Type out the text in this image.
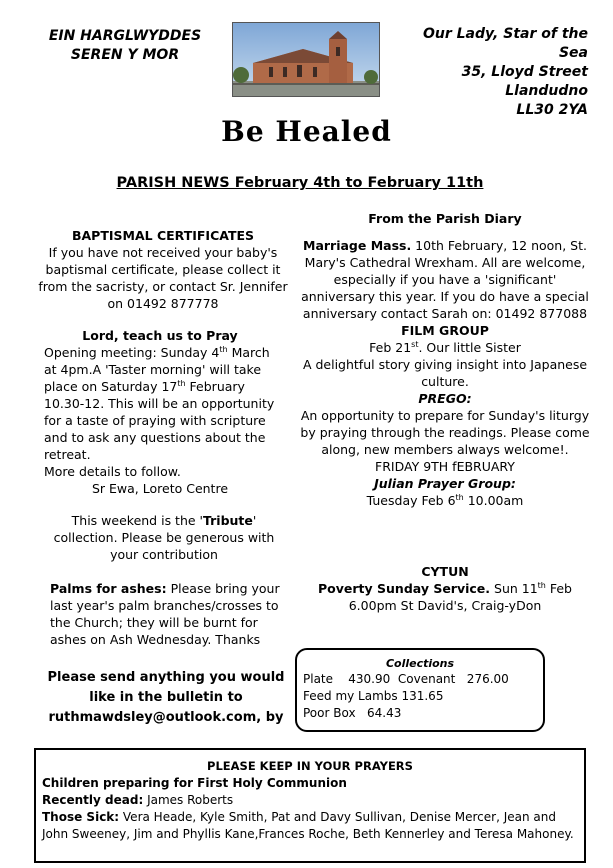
EIN HARGLWYDDES
SEREN Y MOR
Our Lady, Star of the Sea
35, Lloyd Street
Llandudno
LL30 2YA
Be Healed
PARISH NEWS February 4th to February 11th
BAPTISMAL CERTIFICATES
If you have not received your baby's baptismal certificate, please collect it from the sacristy, or contact Sr. Jennifer on 01492 877778
Lord, teach us to Pray
Opening meeting: Sunday 4th March at 4pm.A 'Taster morning' will take place on Saturday 17th February 10.30-12. This will be an opportunity for a taste of praying with scripture and to ask any questions about the retreat.
More details to follow.
Sr Ewa, Loreto Centre
This weekend is the 'Tribute' collection. Please be generous with your contribution
Palms for ashes: Please bring your last year's palm branches/crosses to the Church; they will be burnt for ashes on Ash Wednesday. Thanks
Please send anything you would like in the bulletin to ruthmawdsley@outlook.com, by
From the Parish Diary
Marriage Mass. 10th February, 12 noon, St. Mary's Cathedral Wrexham. All are welcome, especially if you have a 'significant' anniversary this year. If you do have a special anniversary contact Sarah on: 01492 877088
FILM GROUP
Feb 21st. Our little Sister
A delightful story giving insight into Japanese culture.
PREGO:
An opportunity to prepare for Sunday's liturgy by praying through the readings. Please come along, new members always welcome!.
FRIDAY 9TH fEBRUARY
Julian Prayer Group:
Tuesday Feb 6th 10.00am
CYTUN
Poverty Sunday Service. Sun 11th Feb
6.00pm St David's, Craig-yDon
Collections
Plate    430.90  Covenant   276.00
Feed my Lambs 131.65
Poor Box   64.43
PLEASE KEEP IN YOUR PRAYERS
Children preparing for First Holy Communion
Recently dead: James Roberts
Those Sick: Vera Heade, Kyle Smith, Pat and Davy Sullivan, Denise Mercer, Jean and John Sweeney, Jim and Phyllis Kane,Frances Roche, Beth Kennerley and Teresa Mahoney.
